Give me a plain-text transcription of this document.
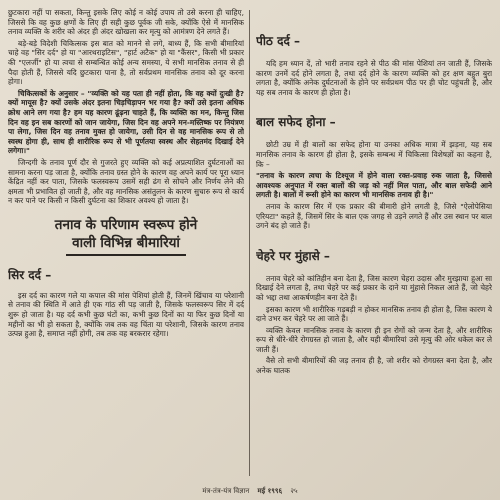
छुटकारा नहीं पा सकता, किन्तु इसके लिए कोई न कोई उपाय तो उसे करना ही चाहिए, जिससे कि वह कुछ क्षणों के लिए ही सही कुछ पूर्वक जी सके, क्योंकि ऐसे में मानसिक तनाव व्यक्ति के शरीर को अंदर ही अंदर खोखला कर मृत्यु को आमंत्रण देने लगते हैं।

बड़े-बड़े विदेशी चिकित्सक इस बात को मानने से लगे, बाध्य हैं, कि सभी बीमारियां चाहे वह "सिर दर्द" हो या "आरथराइटिस", "हार्ट अटैक" हो या "कैंसर", किसी भी प्रकार की "एलर्जी" हो या त्वचा से सम्बन्धित कोई अन्य समस्या, ये सभी मानसिक तनाव से ही पैदा होती हैं, जिससे यदि छुटकारा पाना है, तो सर्वप्रथम मानसिक तनाव को दूर करना होगा।

चिकित्सकों के अनुसार – "व्यक्ति को यह पता ही नहीं होता, कि वह क्यों दुःखी है? क्यों मायूस है? क्यों उसके अंदर इतना चिड़चिड़ापन भर गया है? क्यों उसे इतना अधिक क्रोध आने लग गया है? हम यह कारण ढूंढ़ना चाहते हैं, कि व्यक्ति का मन, किन्तु जिस दिन वह इन सब कारणों को जान जायेगा, जिस दिन वह अपने मन-मस्तिष्क पर नियंत्रण पा लेगा, जिस दिन वह तनाव मुक्त हो जायेगा, उसी दिन से वह मानसिक रूप से तो स्वस्थ होगा ही, साथ ही शारीरिक रूप से भी पूर्णतया स्वस्थ और सेहतमंद दिखाई देने लगेगा।"

जिन्दगी के तनाव पूर्ण दौर से गुजरते हुए व्यक्ति को कई अप्रत्याशित दुर्घटनाओं का सामना करना पड़ जाता है, क्योंकि तनाव ग्रस्त होने के कारण वह अपने कार्य पर पूरा ध्यान केंद्रित नहीं कर पाता, जिसके फलस्वरूप उसमें सही ढंग से सोचने और निर्णय लेने की क्षमता भी प्रभावित हो जाती है, और वह मानसिक असंतुलन के कारण सुचारु रूप से कार्य न कर पाने पर किसी न किसी दुर्घटना का शिकार अवश्य हो जाता है।

तनाव के परिणाम स्वरूप होने
वाली विभिन्न बीमारियां
सिर दर्द –

इस दर्द का कारण गले या कपाल की मांस पेशियां होती हैं, जिनमें खिंचाव या परेशानी से तनाव की स्थिति में आते ही एक गांठ सी पड़ जाती है, जिसके फलस्वरूप सिर में दर्द शुरू हो जाता है। यह दर्द कभी कुछ घंटों का, कभी कुछ दिनों का या फिर कुछ दिनों या महीनों का भी हो सकता है, क्योंकि जब तक वह चिंता या परेशानी, जिसके कारण तनाव उत्पन्न हुआ है, समाप्त नहीं होगी, तब तक वह बरकरार रहेगा।

पीठ दर्द –

यदि हम ध्यान दें, तो भारी तनाव रहने से पीठ की मांस पेशियां तन जाती हैं, जिसके कारण उनमें दर्द होने लगता है, तथा दर्द होने के कारण व्यक्ति को हर क्षण बहुत बुरा लगता है, क्योंकि अनेक दुर्घटनाओं के होने पर सर्वप्रथम पीठ पर ही चोट पहुंचती है, और यह सब तनाव के कारण ही होता है।

बाल सफेद होना –

छोटी उम्र में ही बालों का सफेद होना या उनका अधिक मात्रा में झड़ना, यह सब मानसिक तनाव के कारण ही होता है, इसके सम्बन्ध में चिकित्सा विशेषज्ञों का कहना है, कि –

"तनाव के कारण त्वचा के टिश्यूज में होने वाला रक्त-प्रवाह रुक जाता है, जिससे आवश्यक अनुपात में रक्त बालों की जड़ को नहीं मिल पाता, और बाल सफेदी आने लगती है। बालों में रूसी होने का कारण भी मानसिक तनाव ही है।"

तनाव के कारण सिर में एक प्रकार की बीमारी होने लगती है, जिसे "ऐलोपेसिया एरियटा" कहते हैं, जिसमें सिर के बाल एक जगह से उड़ने लगते हैं और उस स्थान पर बाल उगने बंद हो जाते हैं।

चेहरे पर मुंहासे –

तनाव चेहरे को कांतिहीन बना देता है, जिस कारण चेहरा उदास और मुरझाया हुआ सा दिखाई देने लगता है, तथा चेहरे पर कई प्रकार के दाने या मुंहासे निकल आते हैं, जो चेहरे को भद्दा तथा आकर्षणहीन बना देते हैं।

इसका कारण भी शारीरिक गड़बड़ी न होकर मानसिक तनाव ही होता है, जिस कारण ये दाने उभर कर चेहरे पर आ जाते हैं।

व्यक्ति केवल मानसिक तनाव के कारण ही इन रोगों को जन्म देता है, और शारीरिक रूप से धीरे-धीरे रोगग्रस्त हो जाता है, और यही बीमारियां उसे मृत्यु की ओर धकेल कर ले जाती हैं।

वैसे तो सभी बीमारियों की जड़ तनाव ही है, जो शरीर को रोगग्रस्त बना देता है, और अनेक घातक

मंत्र-तंत्र-यंत्र विज्ञान मई १९९६ २५
